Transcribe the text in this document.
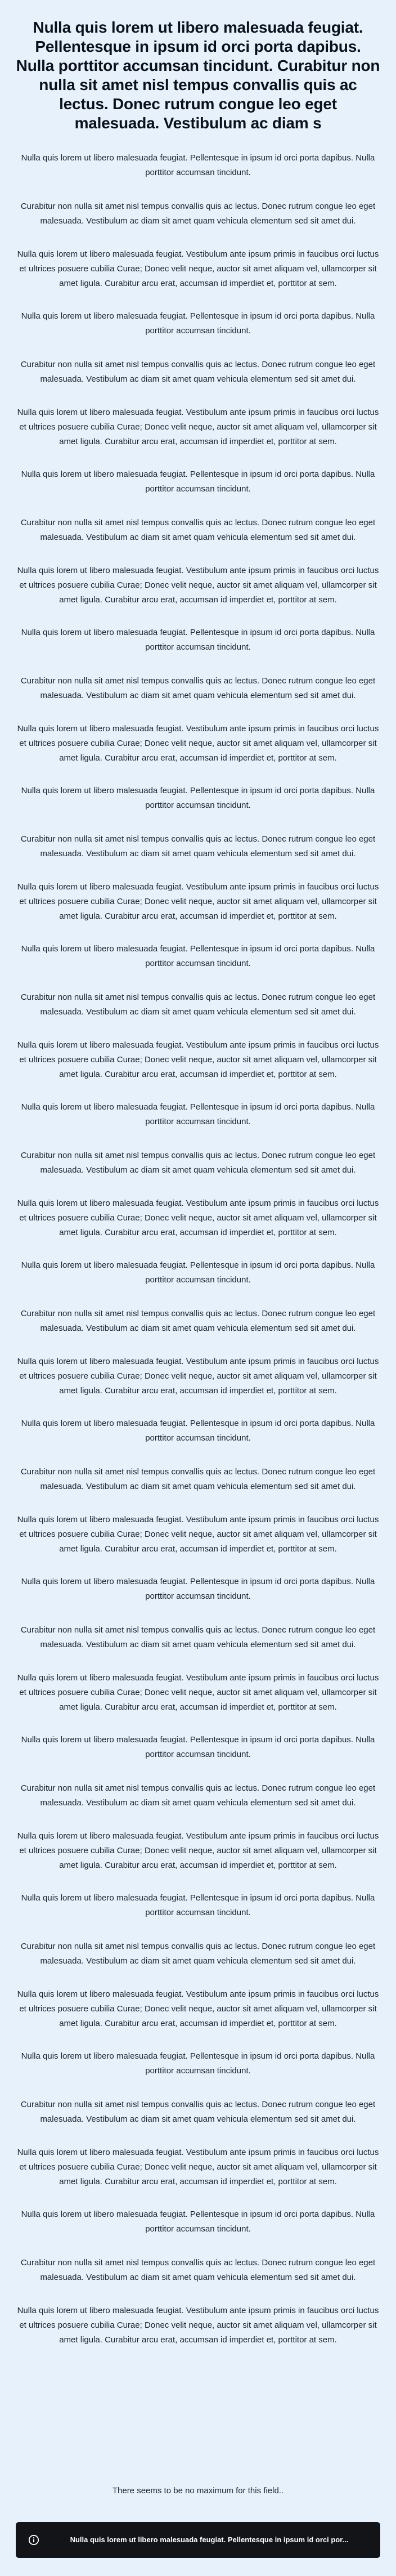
Nulla quis lorem ut libero malesuada feugiat. Pellentesque in ipsum id orci porta dapibus. Nulla porttitor accumsan tincidunt. Curabitur non nulla sit amet nisl tempus convallis quis ac lectus. Donec rutrum congue leo eget malesuada. Vestibulum ac diam s

Nulla quis lorem ut libero malesuada feugiat. Pellentesque in ipsum id orci porta dapibus. Nulla porttitor accumsan tincidunt.

Curabitur non nulla sit amet nisl tempus convallis quis ac lectus. Donec rutrum congue leo eget malesuada. Vestibulum ac diam sit amet quam vehicula elementum sed sit amet dui.

Nulla quis lorem ut libero malesuada feugiat. Vestibulum ante ipsum primis in faucibus orci luctus et ultrices posuere cubilia Curae; Donec velit neque, auctor sit amet aliquam vel, ullamcorper sit amet ligula. Curabitur arcu erat, accumsan id imperdiet et, porttitor at sem.

Nulla quis lorem ut libero malesuada feugiat. Pellentesque in ipsum id orci porta dapibus. Nulla porttitor accumsan tincidunt.

Curabitur non nulla sit amet nisl tempus convallis quis ac lectus. Donec rutrum congue leo eget malesuada. Vestibulum ac diam sit amet quam vehicula elementum sed sit amet dui.

Nulla quis lorem ut libero malesuada feugiat. Vestibulum ante ipsum primis in faucibus orci luctus et ultrices posuere cubilia Curae; Donec velit neque, auctor sit amet aliquam vel, ullamcorper sit amet ligula. Curabitur arcu erat, accumsan id imperdiet et, porttitor at sem.

Nulla quis lorem ut libero malesuada feugiat. Pellentesque in ipsum id orci porta dapibus. Nulla porttitor accumsan tincidunt.

Curabitur non nulla sit amet nisl tempus convallis quis ac lectus. Donec rutrum congue leo eget malesuada. Vestibulum ac diam sit amet quam vehicula elementum sed sit amet dui.

Nulla quis lorem ut libero malesuada feugiat. Vestibulum ante ipsum primis in faucibus orci luctus et ultrices posuere cubilia Curae; Donec velit neque, auctor sit amet aliquam vel, ullamcorper sit amet ligula. Curabitur arcu erat, accumsan id imperdiet et, porttitor at sem.

Nulla quis lorem ut libero malesuada feugiat. Pellentesque in ipsum id orci porta dapibus. Nulla porttitor accumsan tincidunt.

Curabitur non nulla sit amet nisl tempus convallis quis ac lectus. Donec rutrum congue leo eget malesuada. Vestibulum ac diam sit amet quam vehicula elementum sed sit amet dui.

Nulla quis lorem ut libero malesuada feugiat. Vestibulum ante ipsum primis in faucibus orci luctus et ultrices posuere cubilia Curae; Donec velit neque, auctor sit amet aliquam vel, ullamcorper sit amet ligula. Curabitur arcu erat, accumsan id imperdiet et, porttitor at sem.

Nulla quis lorem ut libero malesuada feugiat. Pellentesque in ipsum id orci porta dapibus. Nulla porttitor accumsan tincidunt.

Curabitur non nulla sit amet nisl tempus convallis quis ac lectus. Donec rutrum congue leo eget malesuada. Vestibulum ac diam sit amet quam vehicula elementum sed sit amet dui.

Nulla quis lorem ut libero malesuada feugiat. Vestibulum ante ipsum primis in faucibus orci luctus et ultrices posuere cubilia Curae; Donec velit neque, auctor sit amet aliquam vel, ullamcorper sit amet ligula. Curabitur arcu erat, accumsan id imperdiet et, porttitor at sem.

Nulla quis lorem ut libero malesuada feugiat. Pellentesque in ipsum id orci porta dapibus. Nulla porttitor accumsan tincidunt.

Curabitur non nulla sit amet nisl tempus convallis quis ac lectus. Donec rutrum congue leo eget malesuada. Vestibulum ac diam sit amet quam vehicula elementum sed sit amet dui.

Nulla quis lorem ut libero malesuada feugiat. Vestibulum ante ipsum primis in faucibus orci luctus et ultrices posuere cubilia Curae; Donec velit neque, auctor sit amet aliquam vel, ullamcorper sit amet ligula. Curabitur arcu erat, accumsan id imperdiet et, porttitor at sem.

Nulla quis lorem ut libero malesuada feugiat. Pellentesque in ipsum id orci porta dapibus. Nulla porttitor accumsan tincidunt.

Curabitur non nulla sit amet nisl tempus convallis quis ac lectus. Donec rutrum congue leo eget malesuada. Vestibulum ac diam sit amet quam vehicula elementum sed sit amet dui.

Nulla quis lorem ut libero malesuada feugiat. Vestibulum ante ipsum primis in faucibus orci luctus et ultrices posuere cubilia Curae; Donec velit neque, auctor sit amet aliquam vel, ullamcorper sit amet ligula. Curabitur arcu erat, accumsan id imperdiet et, porttitor at sem.

Nulla quis lorem ut libero malesuada feugiat. Pellentesque in ipsum id orci porta dapibus. Nulla porttitor accumsan tincidunt.

Curabitur non nulla sit amet nisl tempus convallis quis ac lectus. Donec rutrum congue leo eget malesuada. Vestibulum ac diam sit amet quam vehicula elementum sed sit amet dui.

Nulla quis lorem ut libero malesuada feugiat. Vestibulum ante ipsum primis in faucibus orci luctus et ultrices posuere cubilia Curae; Donec velit neque, auctor sit amet aliquam vel, ullamcorper sit amet ligula. Curabitur arcu erat, accumsan id imperdiet et, porttitor at sem.

Nulla quis lorem ut libero malesuada feugiat. Pellentesque in ipsum id orci porta dapibus. Nulla porttitor accumsan tincidunt.

Curabitur non nulla sit amet nisl tempus convallis quis ac lectus. Donec rutrum congue leo eget malesuada. Vestibulum ac diam sit amet quam vehicula elementum sed sit amet dui.

Nulla quis lorem ut libero malesuada feugiat. Vestibulum ante ipsum primis in faucibus orci luctus et ultrices posuere cubilia Curae; Donec velit neque, auctor sit amet aliquam vel, ullamcorper sit amet ligula. Curabitur arcu erat, accumsan id imperdiet et, porttitor at sem.

Nulla quis lorem ut libero malesuada feugiat. Pellentesque in ipsum id orci porta dapibus. Nulla porttitor accumsan tincidunt.

Curabitur non nulla sit amet nisl tempus convallis quis ac lectus. Donec rutrum congue leo eget malesuada. Vestibulum ac diam sit amet quam vehicula elementum sed sit amet dui.

Nulla quis lorem ut libero malesuada feugiat. Vestibulum ante ipsum primis in faucibus orci luctus et ultrices posuere cubilia Curae; Donec velit neque, auctor sit amet aliquam vel, ullamcorper sit amet ligula. Curabitur arcu erat, accumsan id imperdiet et, porttitor at sem.

Nulla quis lorem ut libero malesuada feugiat. Pellentesque in ipsum id orci porta dapibus. Nulla porttitor accumsan tincidunt.

Curabitur non nulla sit amet nisl tempus convallis quis ac lectus. Donec rutrum congue leo eget malesuada. Vestibulum ac diam sit amet quam vehicula elementum sed sit amet dui.

Nulla quis lorem ut libero malesuada feugiat. Vestibulum ante ipsum primis in faucibus orci luctus et ultrices posuere cubilia Curae; Donec velit neque, auctor sit amet aliquam vel, ullamcorper sit amet ligula. Curabitur arcu erat, accumsan id imperdiet et, porttitor at sem.

Nulla quis lorem ut libero malesuada feugiat. Pellentesque in ipsum id orci porta dapibus. Nulla porttitor accumsan tincidunt.

Curabitur non nulla sit amet nisl tempus convallis quis ac lectus. Donec rutrum congue leo eget malesuada. Vestibulum ac diam sit amet quam vehicula elementum sed sit amet dui.

Nulla quis lorem ut libero malesuada feugiat. Vestibulum ante ipsum primis in faucibus orci luctus et ultrices posuere cubilia Curae; Donec velit neque, auctor sit amet aliquam vel, ullamcorper sit amet ligula. Curabitur arcu erat, accumsan id imperdiet et, porttitor at sem.

Nulla quis lorem ut libero malesuada feugiat. Pellentesque in ipsum id orci porta dapibus. Nulla porttitor accumsan tincidunt.

Curabitur non nulla sit amet nisl tempus convallis quis ac lectus. Donec rutrum congue leo eget malesuada. Vestibulum ac diam sit amet quam vehicula elementum sed sit amet dui.

Nulla quis lorem ut libero malesuada feugiat. Vestibulum ante ipsum primis in faucibus orci luctus et ultrices posuere cubilia Curae; Donec velit neque, auctor sit amet aliquam vel, ullamcorper sit amet ligula. Curabitur arcu erat, accumsan id imperdiet et, porttitor at sem.

Nulla quis lorem ut libero malesuada feugiat. Pellentesque in ipsum id orci porta dapibus. Nulla porttitor accumsan tincidunt.

Curabitur non nulla sit amet nisl tempus convallis quis ac lectus. Donec rutrum congue leo eget malesuada. Vestibulum ac diam sit amet quam vehicula elementum sed sit amet dui.

Nulla quis lorem ut libero malesuada feugiat. Vestibulum ante ipsum primis in faucibus orci luctus et ultrices posuere cubilia Curae; Donec velit neque, auctor sit amet aliquam vel, ullamcorper sit amet ligula. Curabitur arcu erat, accumsan id imperdiet et, porttitor at sem.

There seems to be no maximum for this field..

Nulla quis lorem ut libero malesuada feugiat. Pellentesque in ipsum id orci por...
